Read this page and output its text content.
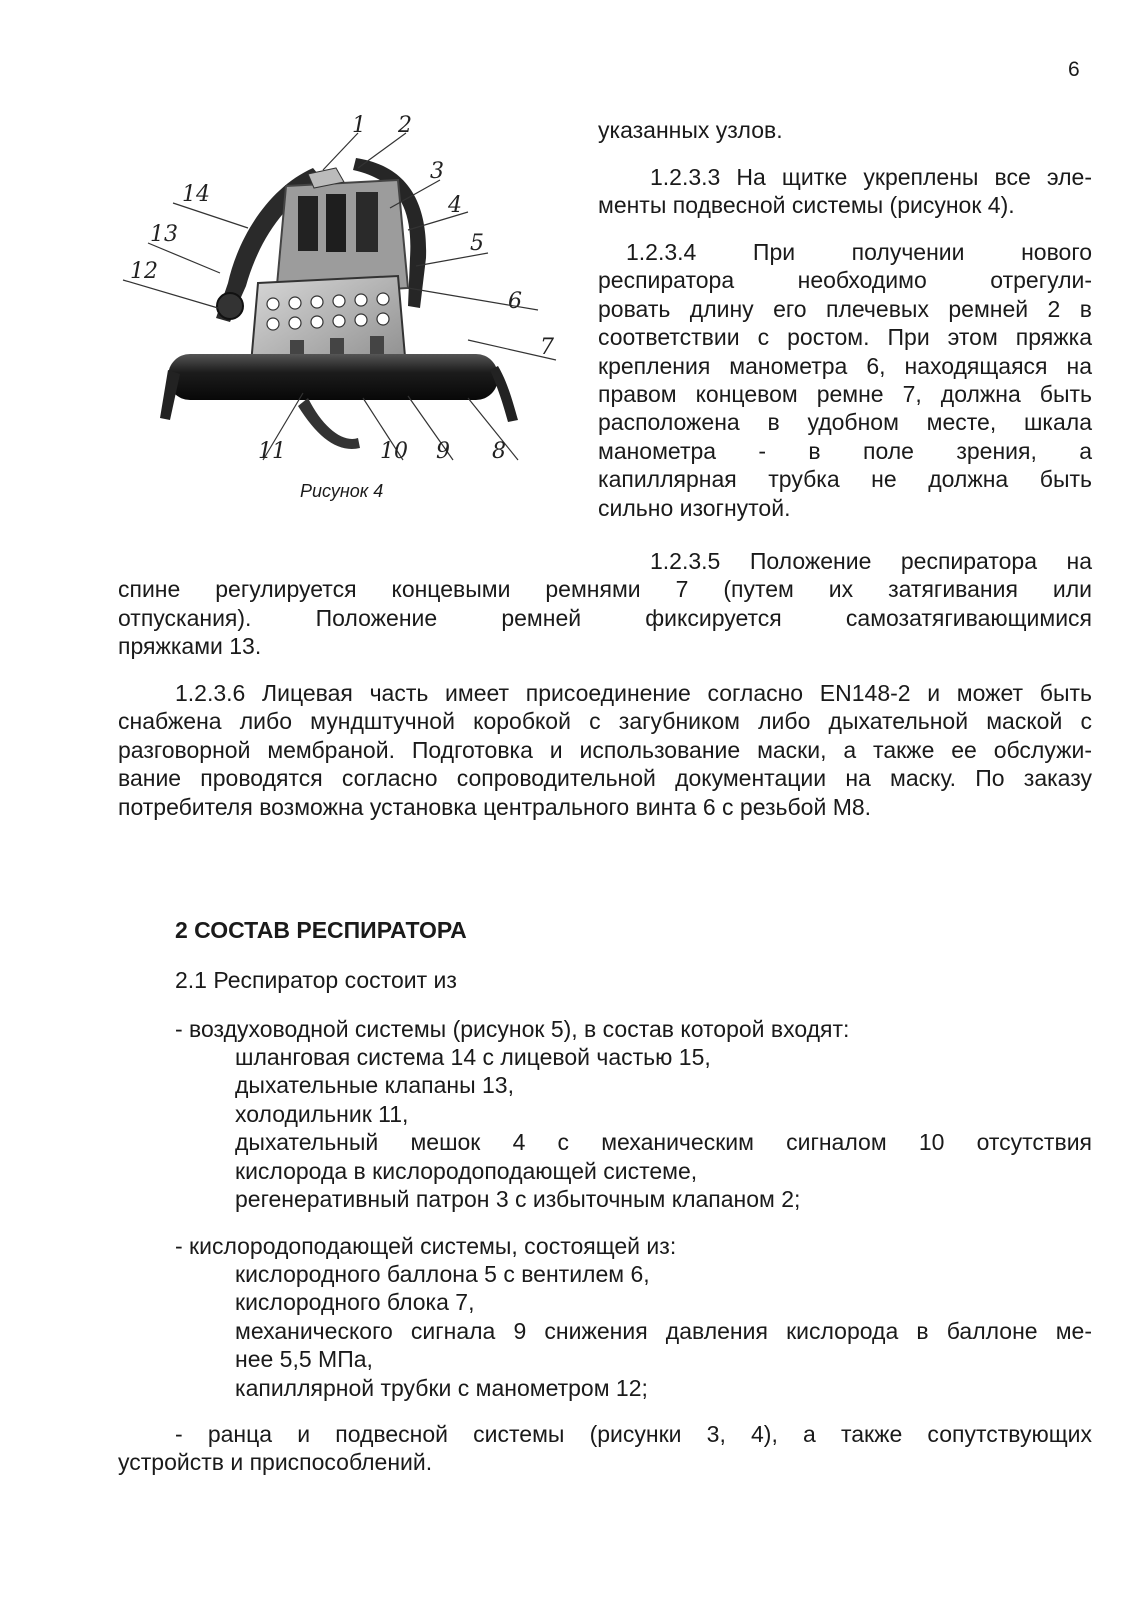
6
1 2
3
4
5
6
7
8
9
10
11
12
13
14
Рисунок 4

указанных узлов.

1.2.3.3 На щитке укреплены все эле-

менты подвесной системы (рисунок 4).

1.2.3.4 При получении нового

респиратора необходимо отрегули-

ровать длину его плечевых ремней 2 в

соответствии с ростом. При этом пряжка

крепления манометра 6, находящаяся на

правом концевом ремне 7, должна быть

расположена в удобном месте, шкала

манометра - в поле зрения, а

капиллярная трубка не должна быть

сильно изогнутой.

1.2.3.5 Положение респиратора на

спине регулируется концевыми ремнями 7 (путем их затягивания или

отпускания). Положение ремней фиксируется самозатягивающимися

пряжками 13.

1.2.3.6 Лицевая часть имеет присоединение согласно EN148-2 и может быть

снабжена либо мундштучной коробкой с загубником либо дыхательной маской с

разговорной мембраной. Подготовка и использование маски, а также ее обслужи-

вание проводятся согласно сопроводительной документации на маску. По заказу

потребителя возможна установка центрального винта 6 с резьбой М8.

2 СОСТАВ РЕСПИРАТОРА

2.1 Респиратор состоит из

- воздуховодной системы (рисунок 5), в состав которой входят:

шланговая система 14 с лицевой частью 15,

дыхательные клапаны 13,

холодильник 11,

дыхательный мешок 4 с механическим сигналом 10 отсутствия

кислорода в кислородоподающей системе,

регенеративный патрон 3 с избыточным клапаном 2;

- кислородоподающей системы, состоящей из:

кислородного баллона 5 с вентилем 6,

кислородного блока 7,

механического сигнала 9 снижения давления кислорода в баллоне ме-

нее 5,5 МПа,

капиллярной трубки с манометром 12;

- ранца и подвесной системы (рисунки 3, 4), а также сопутствующих

устройств и приспособлений.
